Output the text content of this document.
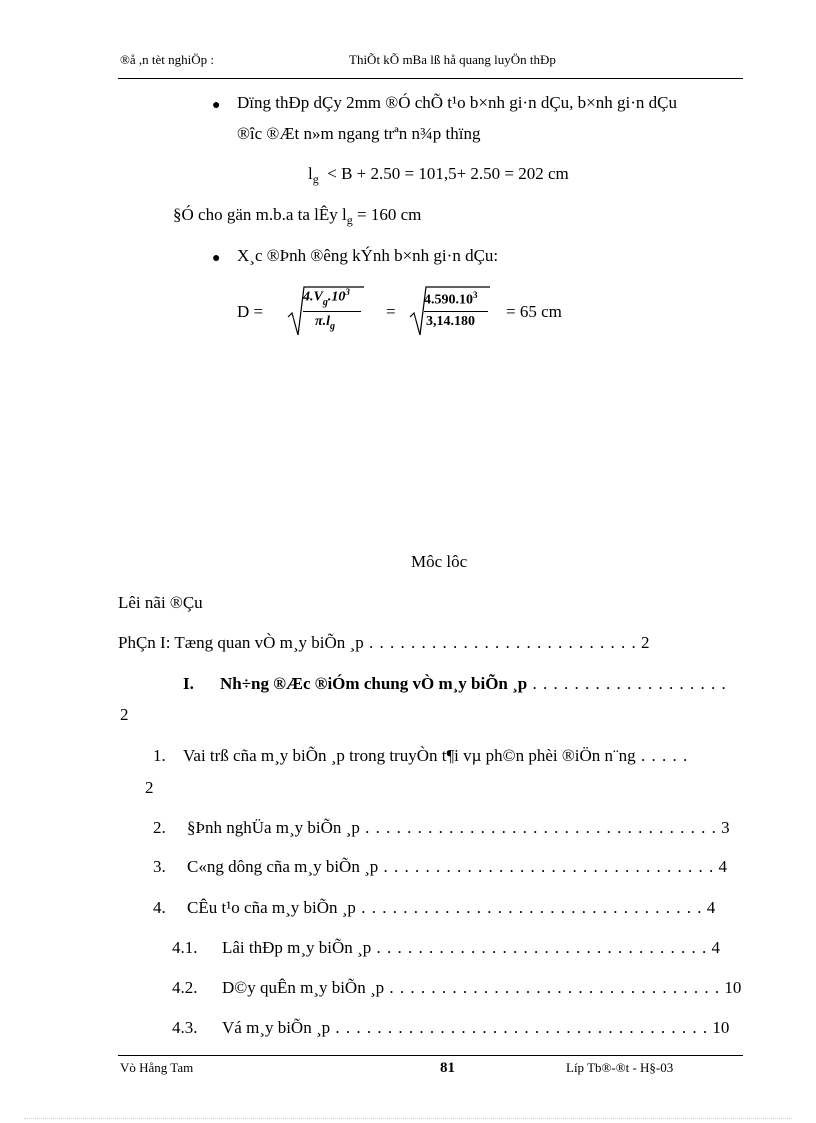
®å ,n tèt nghiÖp :	ThiÕt kÕ mBa lß hå quang luyÖn thÐp
● Dïng thÐp dÇy 2mm ®Ó chÕ t¹o b×nh gi·n dÇu, b×nh gi·n dÇu
®îc ®Æt n»m ngang trªn n¾p thïng
$l_g < B + 2.50 = 101,5+ 2.50 = 202$ cm
§Ó cho gän m.b.a ta lÊy $l_g = 160$ cm
● X¸c ®Þnh ®êng kÝnh b×nh gi·n dÇu:
D =
$4.V_g.10^3$
$\pi.l_g$
=
$4.590.10^3$
3,14.180
= 65 cm
Môc lôc
Lêi nãi ®Çu
PhÇn I: Tæng quan vÒ m¸y biÕn ¸p . . . . . . . . . . . . . . . . . . . . . . . . . . 2
I. Nh÷ng ®Æc ®iÓm chung vÒ m¸y biÕn ¸p . . . . . . . . . . . . . . . . . . .
2
1. Vai trß cña m¸y biÕn ¸p trong truyÒn t¶i vµ ph©n phèi ®iÖn n¨ng . . . . .
2
2. §Þnh nghÜa m¸y biÕn ¸p . . . . . . . . . . . . . . . . . . . . . . . . . . . . . . . . . . 3
3. C«ng dông cña m¸y biÕn ¸p . . . . . . . . . . . . . . . . . . . . . . . . . . . . . . . . 4
4. CÊu t¹o cña m¸y biÕn ¸p . . . . . . . . . . . . . . . . . . . . . . . . . . . . . . . . . 4
4.1. Lâi thÐp m¸y biÕn ¸p . . . . . . . . . . . . . . . . . . . . . . . . . . . . . . . . 4
4.2. D©y quÊn m¸y biÕn ¸p . . . . . . . . . . . . . . . . . . . . . . . . . . . . . . . . 10
4.3. Vá m¸y biÕn ¸p . . . . . . . . . . . . . . . . . . . . . . . . . . . . . . . . . . . . 10
Vò Hång Tam	81	Líp Tb®-®t - H§-03
